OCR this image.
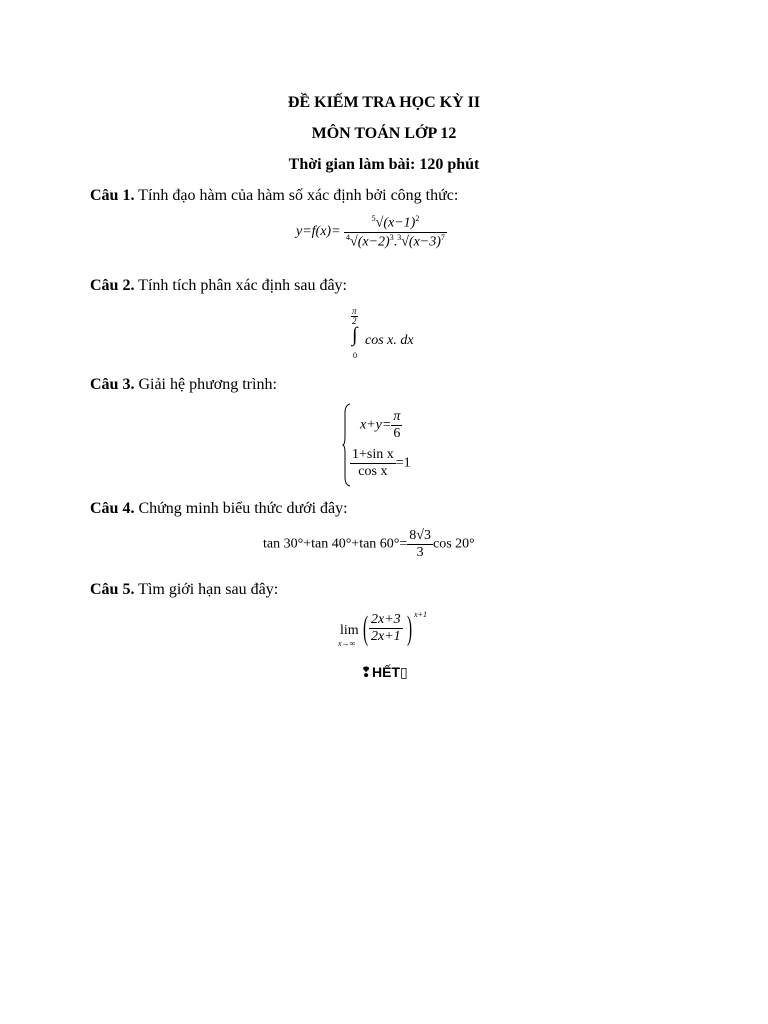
ĐỀ KIẾM TRA HỌC KỲ II
MÔN TOÁN LỚP 12
Thời gian làm bài: 120 phút
Câu 1. Tính đạo hàm của hàm số xác định bởi công thức:
$y=f(x)= \frac{^5√(x-1)^2}{^4√(x-2)^3.^3√(x-3)^7}$
Câu 2. Tính tích phân xác định sau đây:
$\frac{\pi}{2}$
∫
0
cos x. dx
Câu 3. Giải hệ phương trình:
$x+y= \frac{\pi}{6}$
$\frac{\text{1+sin x}}{\text{cos x}} =1$
Câu 4. Chứng minh biểu thức dưới đây:
tan 30°+tan 40°+tan $60^\circ= \frac{8√3}{3}$ cos 20°
Câu 5. Tìm giới hạn sau đây:
lim
x→∞ ( $\frac{2x+3}{2x+1}$ ) x+1
❢HẾT▯
